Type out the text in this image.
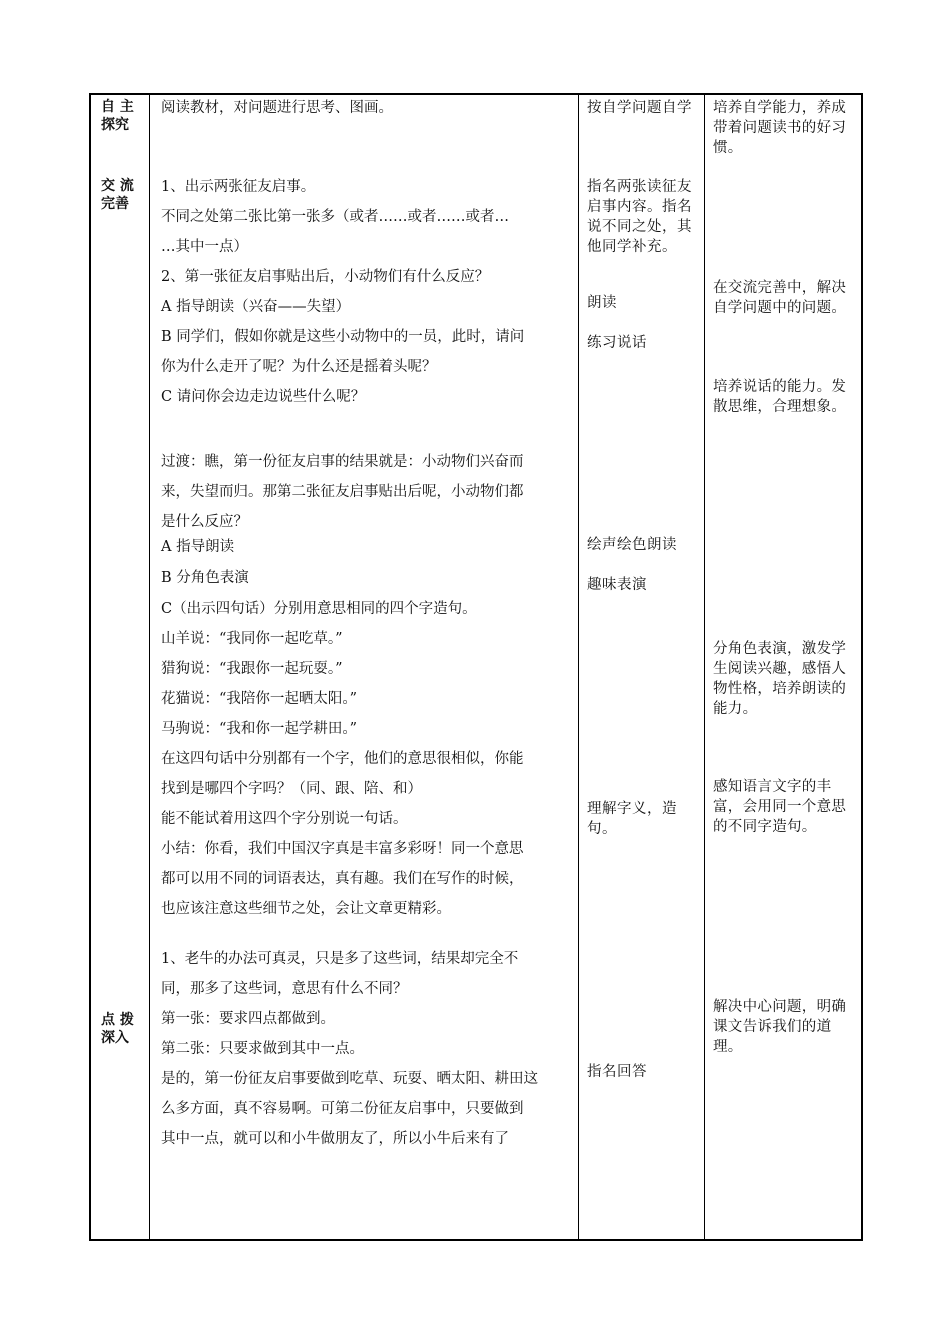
自 主
探究
交 流
完善
点 拨
深入
阅读教材，对问题进行思考、图画。
1、出示两张征友启事。
不同之处第二张比第一张多（或者……或者……或者…
…其中一点）
2、第一张征友启事贴出后，小动物们有什么反应？
A 指导朗读（兴奋——失望）
B 同学们，假如你就是这些小动物中的一员，此时，请问
你为什么走开了呢？为什么还是摇着头呢？
C 请问你会边走边说些什么呢？
过渡：瞧，第一份征友启事的结果就是：小动物们兴奋而
来，失望而归。那第二张征友启事贴出后呢，小动物们都
是什么反应？
A 指导朗读
B 分角色表演
C（出示四句话）分别用意思相同的四个字造句。
山羊说：“我同你一起吃草。”
猎狗说：“我跟你一起玩耍。”
花猫说：“我陪你一起晒太阳。”
马驹说：“我和你一起学耕田。”
在这四句话中分别都有一个字，他们的意思很相似，你能
找到是哪四个字吗？（同、跟、陪、和）
能不能试着用这四个字分别说一句话。
小结：你看，我们中国汉字真是丰富多彩呀！同一个意思
都可以用不同的词语表达，真有趣。我们在写作的时候，
也应该注意这些细节之处，会让文章更精彩。
1、老牛的办法可真灵，只是多了这些词，结果却完全不
同，那多了这些词，意思有什么不同？
第一张：要求四点都做到。
第二张：只要求做到其中一点。
是的，第一份征友启事要做到吃草、玩耍、晒太阳、耕田这
么多方面，真不容易啊。可第二份征友启事中，只要做到
其中一点，就可以和小牛做朋友了，所以小牛后来有了
按自学问题自学
指名两张读征友启事内容。指名说不同之处，其他同学补充。
朗读
练习说话
绘声绘色朗读
趣味表演
理解字义，造句。
指名回答
培养自学能力，养成带着问题读书的好习惯。
在交流完善中，解决自学问题中的问题。
培养说话的能力。发散思维，合理想象。
分角色表演，激发学生阅读兴趣，感悟人物性格，培养朗读的能力。
感知语言文字的丰富，会用同一个意思的不同字造句。
解决中心问题，明确课文告诉我们的道理。
